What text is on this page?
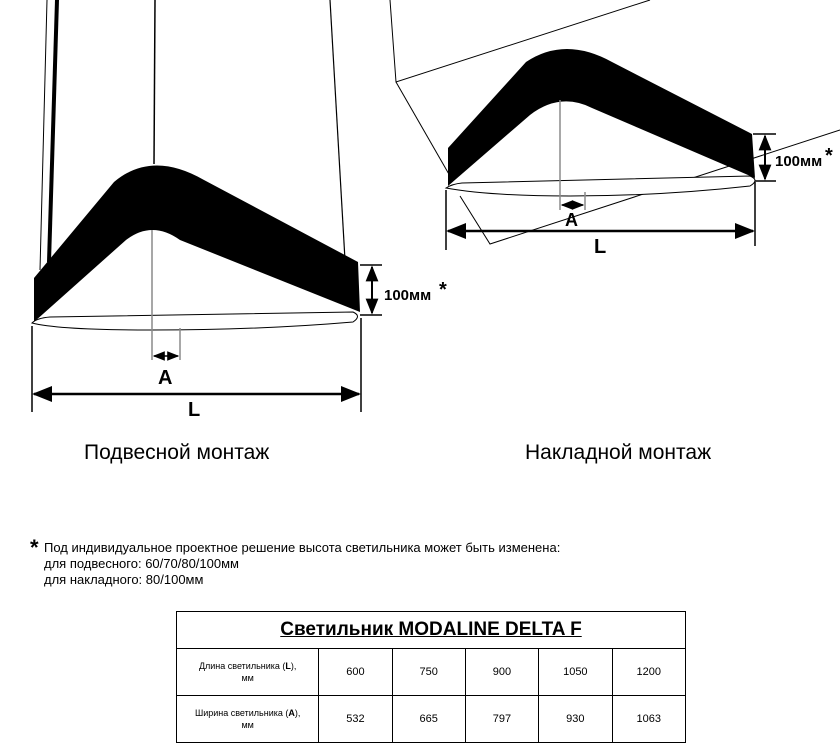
A
L
100мм *
A
L
100мм *
Подвесной монтаж	Накладной монтаж
* Под индивидуальное проектное решение высота светильника может быть изменена:
для подвесного: 60/70/80/100мм
для накладного: 80/100мм
Светильник MODALINE DELTA F					
Длина светильника (L),
мм	600	750	900	1050	1200
Ширина светильника (A),
мм	532	665	797	930	1063
